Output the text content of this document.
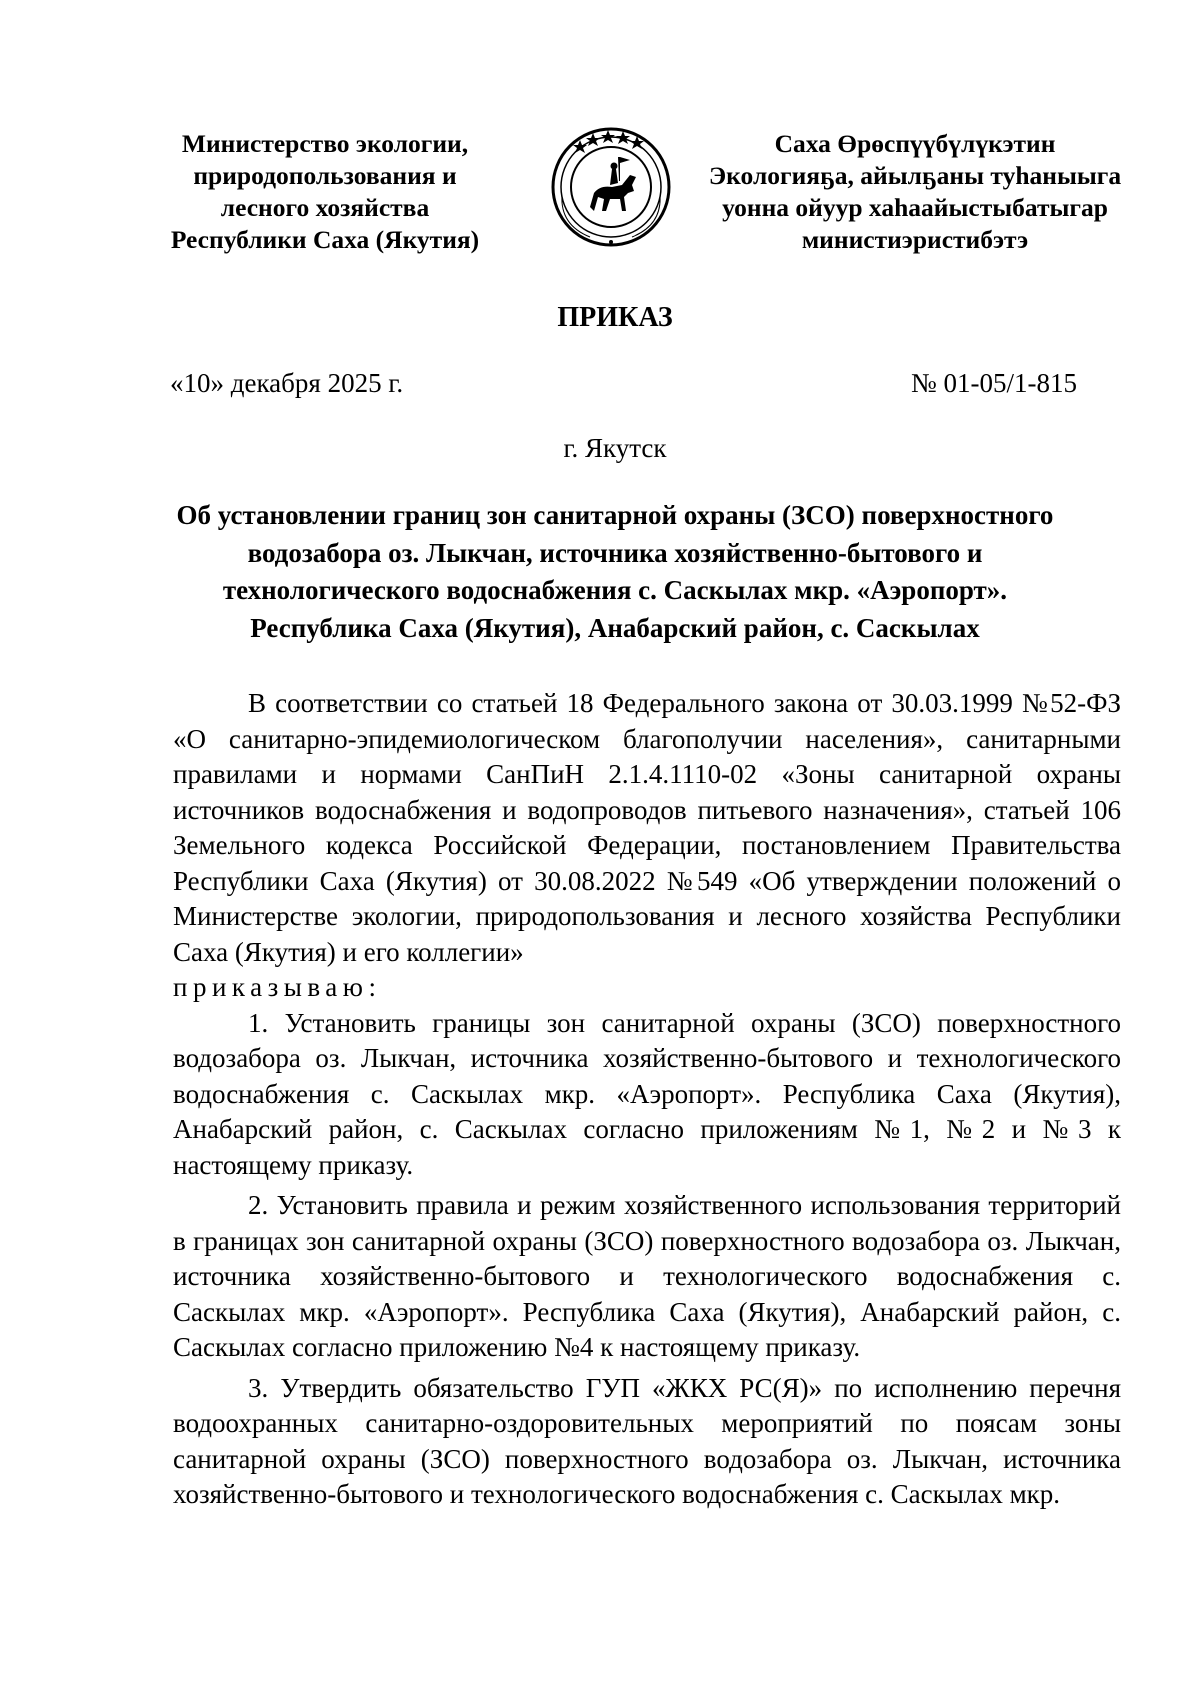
Министерство экологии,
природопользования и
лесного хозяйства
Республики Саха (Якутия)
Саха Өрөспүүбүлүкэтин
Экологияҕа, айылҕаны туһаныыга
уонна ойуур хаһаайыстыбатыгар
министиэристибэтэ
ПРИКАЗ
«10» декабря 2025 г.	№ 01-05/1-815
г. Якутск
Об установлении границ зон санитарной охраны (ЗСО) поверхностного
водозабора оз. Лыкчан, источника хозяйственно-бытового и
технологического водоснабжения с. Саскылах мкр. «Аэропорт».
Республика Саха (Якутия), Анабарский район, с. Саскылах

В соответствии со статьей 18 Федерального закона от 30.03.1999 №52-ФЗ «О санитарно-эпидемиологическом благополучии населения», санитарными правилами и нормами СанПиН 2.1.4.1110-02 «Зоны санитарной охраны источников водоснабжения и водопроводов питьевого назначения», статьей 106 Земельного кодекса Российской Федерации, постановлением Правительства Республики Саха (Якутия) от 30.08.2022 №549 «Об утверждении положений о Министерстве экологии, природопользования и лесного хозяйства Республики Саха (Якутия) и его коллегии»

приказываю:

1. Установить границы зон санитарной охраны (ЗСО) поверхностного водозабора оз. Лыкчан, источника хозяйственно-бытового и технологического водоснабжения с. Саскылах мкр. «Аэропорт». Республика Саха (Якутия), Анабарский район, с. Саскылах согласно приложениям №1, №2 и №3 к настоящему приказу.

2. Установить правила и режим хозяйственного использования территорий в границах зон санитарной охраны (ЗСО) поверхностного водозабора оз. Лыкчан, источника хозяйственно-бытового и технологического водоснабжения с. Саскылах мкр. «Аэропорт». Республика Саха (Якутия), Анабарский район, с. Саскылах согласно приложению №4 к настоящему приказу.

3. Утвердить обязательство ГУП «ЖКХ РС(Я)» по исполнению перечня водоохранных санитарно-оздоровительных мероприятий по поясам зоны санитарной охраны (ЗСО) поверхностного водозабора оз. Лыкчан, источника хозяйственно-бытового и технологического водоснабжения с. Саскылах мкр.
